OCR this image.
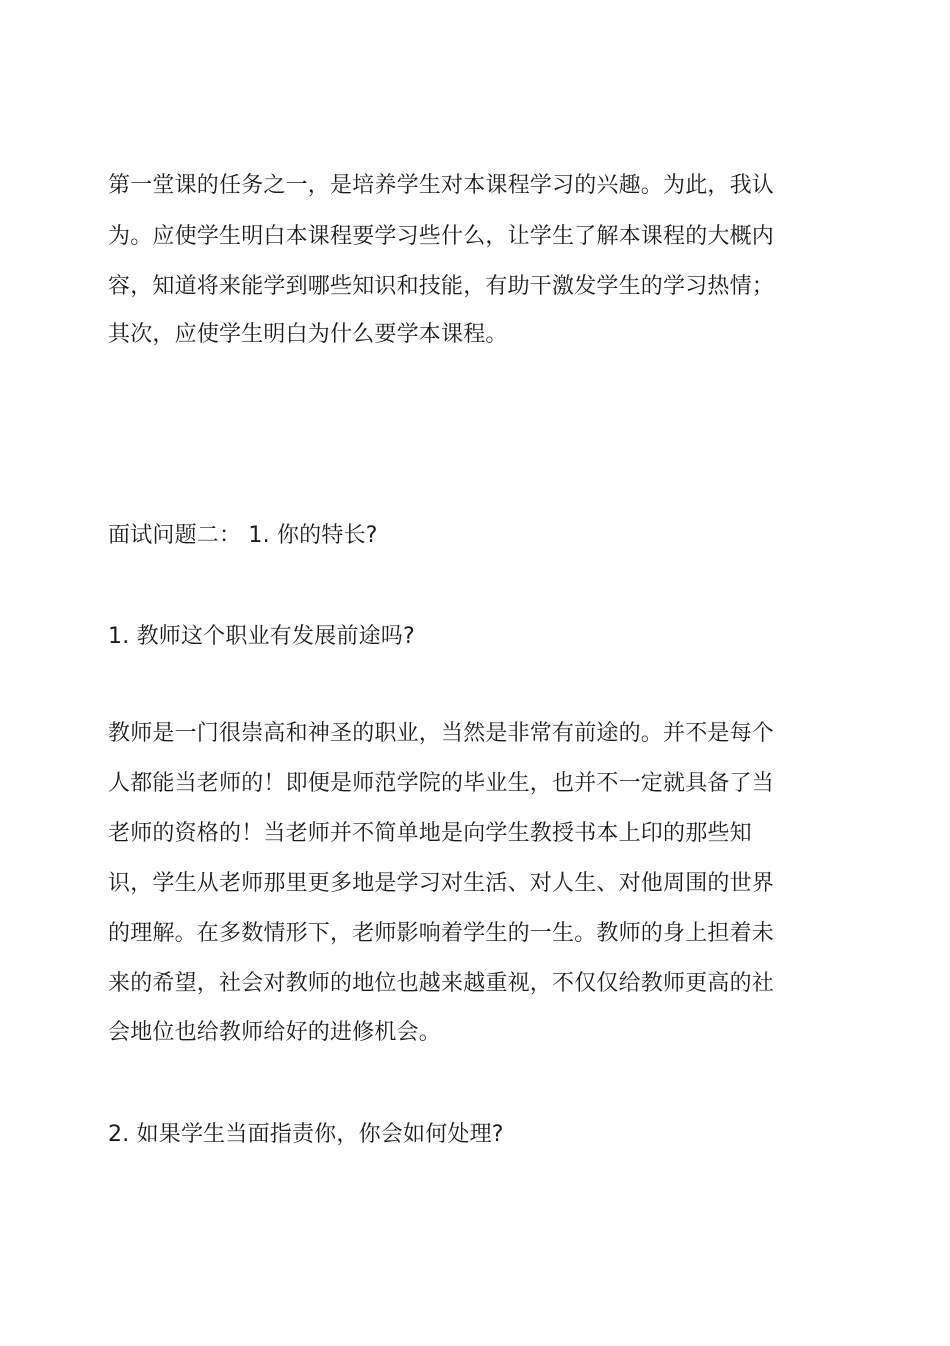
第一堂课的任务之一，是培养学生对本课程学习的兴趣。为此，我认
为。应使学生明白本课程要学习些什么，让学生了解本课程的大概内
容，知道将来能学到哪些知识和技能，有助干激发学生的学习热情；
其次，应使学生明白为什么要学本课程。
面试问题二： 1. 你的特长?
1. 教师这个职业有发展前途吗?
教师是一门很崇高和神圣的职业，当然是非常有前途的。并不是每个
人都能当老师的！即便是师范学院的毕业生，也并不一定就具备了当
老师的资格的！当老师并不简单地是向学生教授书本上印的那些知
识，学生从老师那里更多地是学习对生活、对人生、对他周围的世界
的理解。在多数情形下，老师影响着学生的一生。教师的身上担着未
来的希望，社会对教师的地位也越来越重视，不仅仅给教师更高的社
会地位也给教师给好的进修机会。
2. 如果学生当面指责你，你会如何处理?
